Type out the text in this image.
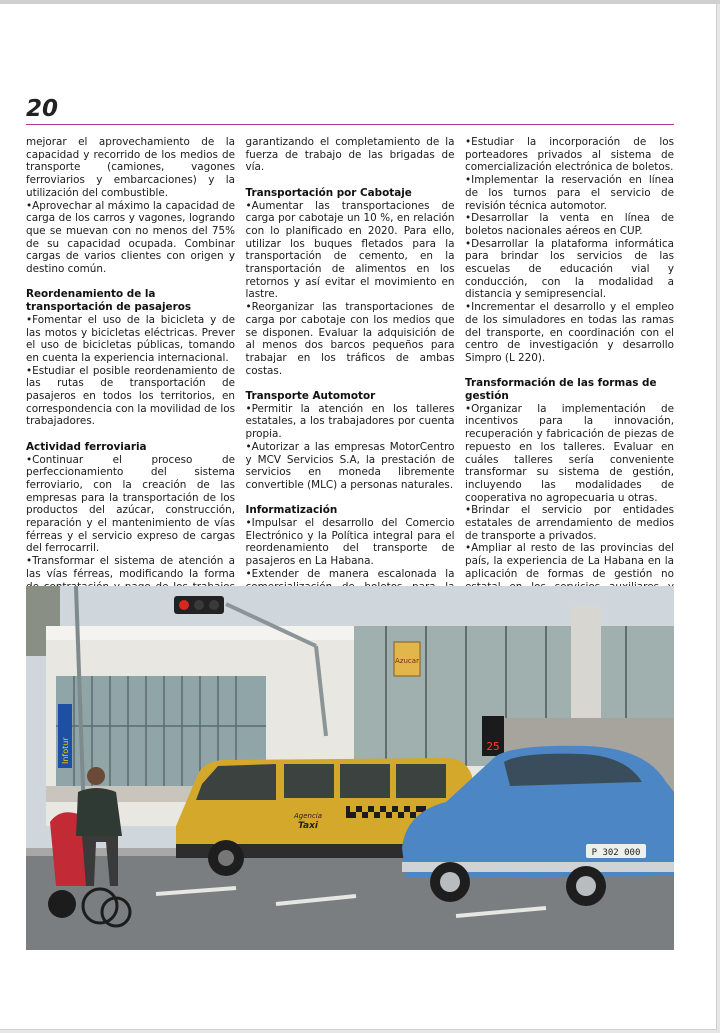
20

mejorar el aprovechamiento de la capacidad y recorrido de los medios de transporte (camiones, vagones ferroviarios y embarcaciones) y la utilización del combustible.

•Aprovechar al máximo la capacidad de carga de los carros y vagones, logrando que se muevan con no menos del 75% de su capacidad ocupada. Combinar cargas de varios clientes con origen y destino común.

Reordenamiento de la transportación de pasajeros

•Fomentar el uso de la bicicleta y de las motos y bicicletas eléctricas. Prever el uso de bicicletas públicas, tomando en cuenta la experiencia internacional.

•Estudiar el posible reordenamiento de las rutas de transportación de pasajeros en todos los territorios, en correspondencia con la movilidad de los trabajadores.

Actividad ferroviaria

•Continuar el proceso de perfeccionamiento del sistema ferroviario, con la creación de las empresas para la transportación de los productos del azúcar, construcción, reparación y el mantenimiento de vías férreas y el servicio expreso de cargas del ferrocarril.

•Transformar el sistema de atención a las vías férreas, modificando la forma

garantizando el completamiento de la fuerza de trabajo de las brigadas de vía.

Transportación por Cabotaje

•Aumentar las transportaciones de carga por cabotaje un 10 %, en relación con lo planificado en 2020. Para ello, utilizar los buques fletados para la transportación de cemento, en la transportación de alimentos en los retornos y así evitar el movimiento en lastre.

•Reorganizar las transportaciones de carga por cabotaje con los medios que se disponen. Evaluar la adquisición de al menos dos barcos pequeños para trabajar en los tráficos de ambas costas.

Transporte Automotor

•Permitir la atención en los talleres estatales, a los trabajadores por cuenta propia.

•Autorizar a las empresas MotorCentro y MCV Servicios S.A, la prestación de servicios en moneda libremente convertible (MLC) a personas naturales.

Informatización

•Impulsar el desarrollo del Comercio Electrónico y la Política integral para el reordenamiento del transporte de pasajeros en La Habana.

•Extender de manera escalonada la

•Estudiar la incorporación de los porteadores privados al sistema de comercialización electrónica de boletos.

•Implementar la reservación en línea de los turnos para el servicio de revisión técnica automotor.

•Desarrollar la venta en línea de boletos nacionales aéreos en CUP.

•Desarrollar la plataforma informática para brindar los servicios de las escuelas de educación vial y conducción, con la modalidad a distancia y semipresencial.

•Incrementar el desarrollo y el empleo de los simuladores en todas las ramas del transporte, en coordinación con el centro de investigación y desarrollo Simpro (L 220).

Transformación de las formas de gestión

•Organizar la implementación de incentivos para la innovación, recuperación y fabricación de piezas de repuesto en los talleres. Evaluar en cuáles talleres sería conveniente transformar su sistema de gestión, incluyendo las modalidades de cooperativa no agropecuaria u otras.

•Brindar el servicio por entidades estatales de arrendamiento de medios de transporte a privados.

•Ampliar al resto de las provincias del país, la experiencia de La Habana en la aplicación de formas de gestión no

Azucar
Infotur	25
Agencia
Taxi
P 302 000
